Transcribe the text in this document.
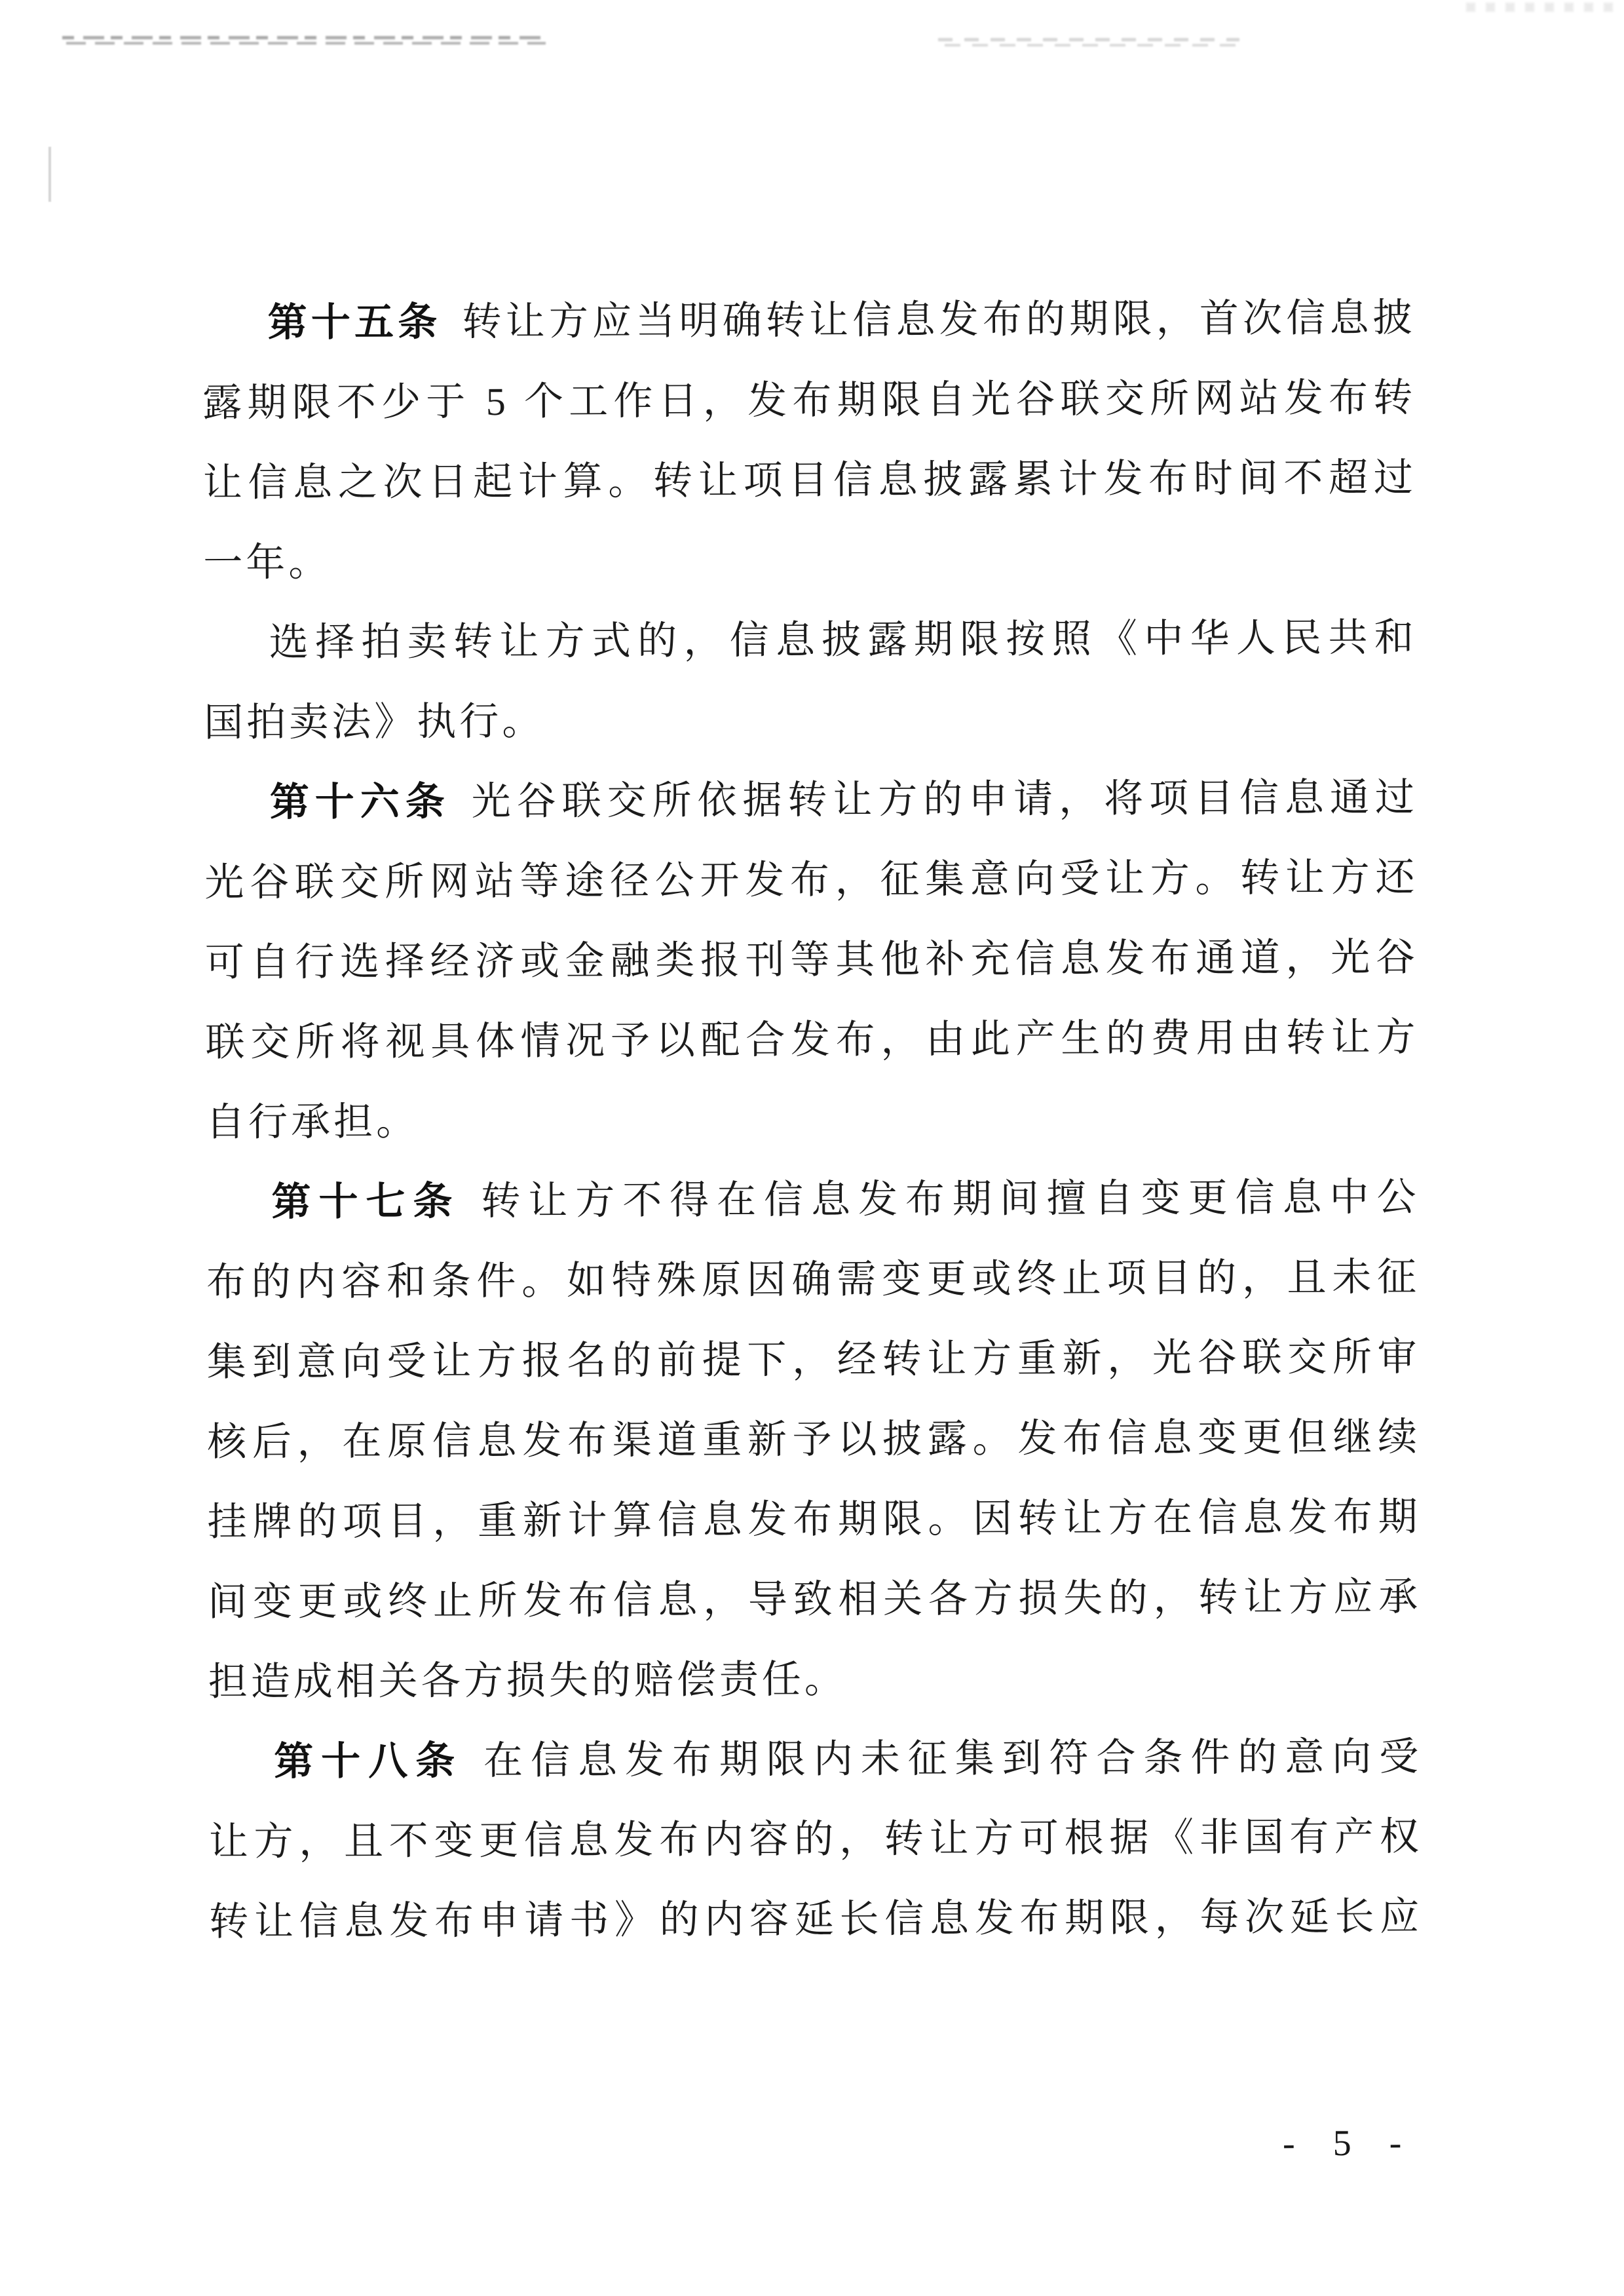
第十五条 转让方应当明确转让信息发布的期限，首次信息披
露期限不少于 5 个工作日，发布期限自光谷联交所网站发布转
让信息之次日起计算。转让项目信息披露累计发布时间不超过
一年。
选择拍卖转让方式的，信息披露期限按照《中华人民共和
国拍卖法》执行。
第十六条 光谷联交所依据转让方的申请，将项目信息通过
光谷联交所网站等途径公开发布，征集意向受让方。转让方还
可自行选择经济或金融类报刊等其他补充信息发布通道，光谷
联交所将视具体情况予以配合发布，由此产生的费用由转让方
自行承担。
第十七条 转让方不得在信息发布期间擅自变更信息中公
布的内容和条件。如特殊原因确需变更或终止项目的，且未征
集到意向受让方报名的前提下，经转让方重新，光谷联交所审
核后，在原信息发布渠道重新予以披露。发布信息变更但继续
挂牌的项目，重新计算信息发布期限。因转让方在信息发布期
间变更或终止所发布信息，导致相关各方损失的，转让方应承
担造成相关各方损失的赔偿责任。
第十八条 在信息发布期限内未征集到符合条件的意向受
让方，且不变更信息发布内容的，转让方可根据《非国有产权
转让信息发布申请书》的内容延长信息发布期限，每次延长应
- 5 -
